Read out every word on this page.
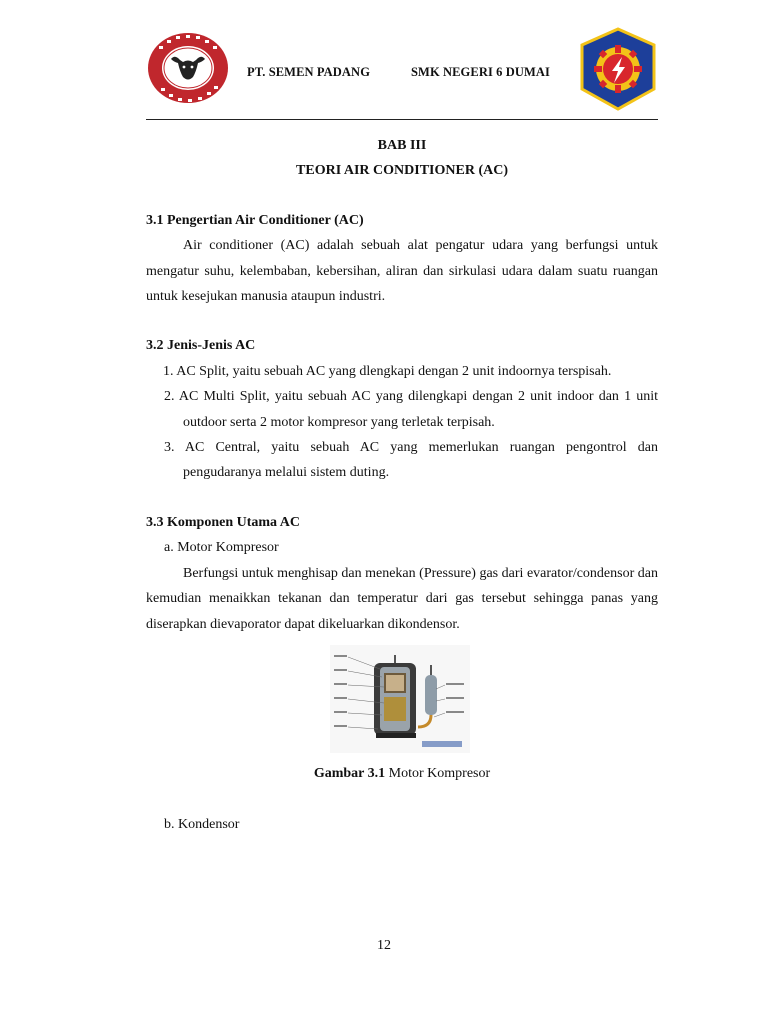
PT. SEMEN PADANG	SMK NEGERI 6 DUMAI
BAB III
TEORI AIR CONDITIONER (AC)
3.1 Pengertian Air Conditioner (AC)
Air conditioner (AC) adalah sebuah alat pengatur udara yang berfungsi untuk mengatur suhu, kelembaban, kebersihan, aliran dan sirkulasi udara dalam suatu ruangan untuk kesejukan manusia ataupun industri.
3.2 Jenis-Jenis AC
1. AC Split, yaitu sebuah AC yang dlengkapi dengan 2 unit indoornya terspisah.
2. AC Multi Split, yaitu sebuah AC yang dilengkapi dengan 2 unit indoor dan 1 unit outdoor serta 2 motor kompresor yang terletak terpisah.
3. AC Central, yaitu sebuah AC yang memerlukan ruangan pengontrol dan pengudaranya melalui sistem duting.
3.3 Komponen Utama AC
a. Motor Kompresor
Berfungsi untuk menghisap dan menekan (Pressure) gas dari evarator/condensor dan kemudian menaikkan tekanan dan temperatur dari gas tersebut sehingga panas yang diserapkan dievaporator dapat dikeluarkan dikondensor.
Gambar 3.1 Motor Kompresor
b. Kondensor
12
